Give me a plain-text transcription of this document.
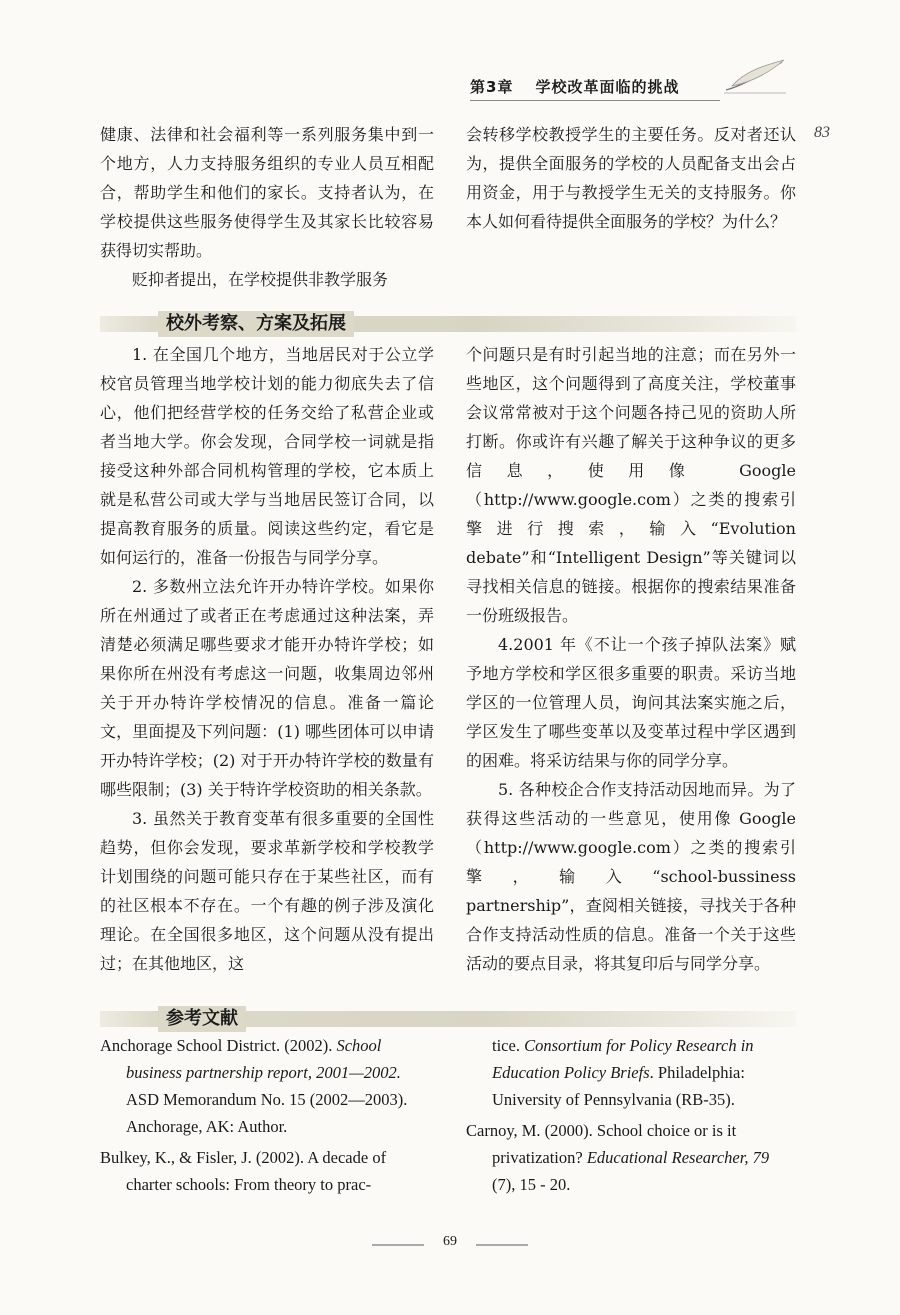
第3章 学校改革面临的挑战
83

健康、法律和社会福利等一系列服务集中到一个地方，人力支持服务组织的专业人员互相配合，帮助学生和他们的家长。支持者认为，在学校提供这些服务使得学生及其家长比较容易获得切实帮助。

贬抑者提出，在学校提供非教学服务

会转移学校教授学生的主要任务。反对者还认为，提供全面服务的学校的人员配备支出会占用资金，用于与教授学生无关的支持服务。你本人如何看待提供全面服务的学校？为什么？

校外考察、方案及拓展

1. 在全国几个地方，当地居民对于公立学校官员管理当地学校计划的能力彻底失去了信心，他们把经营学校的任务交给了私营企业或者当地大学。你会发现，合同学校一词就是指接受这种外部合同机构管理的学校，它本质上就是私营公司或大学与当地居民签订合同，以提高教育服务的质量。阅读这些约定，看它是如何运行的，准备一份报告与同学分享。

2. 多数州立法允许开办特许学校。如果你所在州通过了或者正在考虑通过这种法案，弄清楚必须满足哪些要求才能开办特许学校；如果你所在州没有考虑这一问题，收集周边邻州关于开办特许学校情况的信息。准备一篇论文，里面提及下列问题：(1) 哪些团体可以申请开办特许学校；(2) 对于开办特许学校的数量有哪些限制；(3) 关于特许学校资助的相关条款。

3. 虽然关于教育变革有很多重要的全国性趋势，但你会发现，要求革新学校和学校教学计划围绕的问题可能只存在于某些社区，而有的社区根本不存在。一个有趣的例子涉及演化理论。在全国很多地区，这个问题从没有提出过；在其他地区，这

个问题只是有时引起当地的注意；而在另外一些地区，这个问题得到了高度关注，学校董事会议常常被对于这个问题各持己见的资助人所打断。你或许有兴趣了解关于这种争议的更多信息，使用像 Google（http://www.google.com）之类的搜索引擎进行搜索，输入“Evolution debate”和“Intelligent Design”等关键词以寻找相关信息的链接。根据你的搜索结果准备一份班级报告。

4.2001 年《不让一个孩子掉队法案》赋予地方学校和学区很多重要的职责。采访当地学区的一位管理人员，询问其法案实施之后，学区发生了哪些变革以及变革过程中学区遇到的困难。将采访结果与你的同学分享。

5. 各种校企合作支持活动因地而异。为了获得这些活动的一些意见，使用像 Google（http://www.google.com）之类的搜索引擎，输入“school-bussiness partnership”，查阅相关链接，寻找关于各种合作支持活动性质的信息。准备一个关于这些活动的要点目录，将其复印后与同学分享。

参考文献

Anchorage School District. (2002). School business partnership report, 2001—2002. ASD Memorandum No. 15 (2002—2003). Anchorage, AK: Author.

Bulkey, K., & Fisler, J. (2002). A decade of charter schools: From theory to prac-

tice. Consortium for Policy Research in Education Policy Briefs. Philadelphia: University of Pennsylvania (RB-35).

Carnoy, M. (2000). School choice or is it privatization? Educational Researcher, 79 (7), 15 - 20.

69
